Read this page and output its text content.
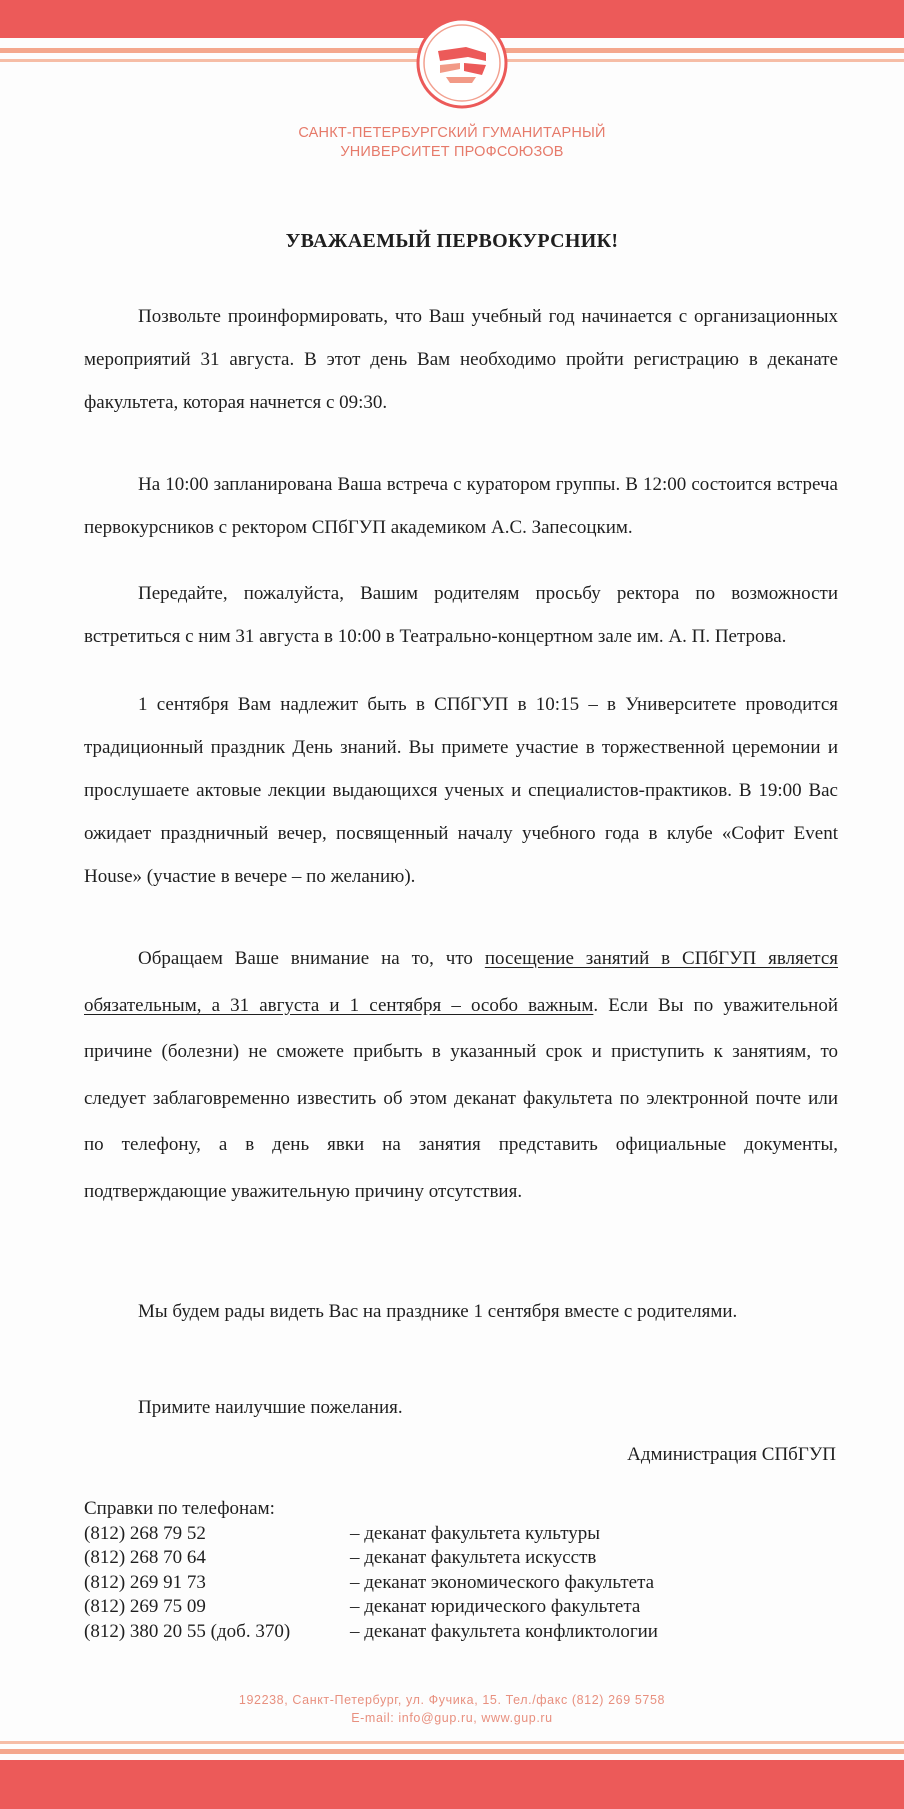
САНКТ-ПЕТЕРБУРГСКИЙ ГУМАНИТАРНЫЙ
УНИВЕРСИТЕТ ПРОФСОЮЗОВ
УВАЖАЕМЫЙ ПЕРВОКУРСНИК!
Позвольте проинформировать, что Ваш учебный год начинается с организационных мероприятий 31 августа. В этот день Вам необходимо пройти регистрацию в деканате факультета, которая начнется с 09:30.
На 10:00 запланирована Ваша встреча с куратором группы. В 12:00 состоится встреча первокурсников с ректором СПбГУП академиком А.С. Запесоцким.
Передайте, пожалуйста, Вашим родителям просьбу ректора по возможности встретиться с ним 31 августа в 10:00 в Театрально-концертном зале им. А. П. Петрова.
1 сентября Вам надлежит быть в СПбГУП в 10:15 – в Университете проводится традиционный праздник День знаний. Вы примете участие в торжественной церемонии и прослушаете актовые лекции выдающихся ученых и специалистов-практиков. В 19:00 Вас ожидает праздничный вечер, посвященный началу учебного года в клубе «Софит Event House» (участие в вечере – по желанию).
Обращаем Ваше внимание на то, что посещение занятий в СПбГУП является обязательным, а 31 августа и 1 сентября – особо важным. Если Вы по уважительной причине (болезни) не сможете прибыть в указанный срок и приступить к занятиям, то следует заблаговременно известить об этом деканат факультета по электронной почте или по телефону, а в день явки на занятия представить официальные документы, подтверждающие уважительную причину отсутствия.
Мы будем рады видеть Вас на празднике 1 сентября вместе с родителями.
Примите наилучшие пожелания.
Администрация СПбГУП
Справки по телефонам:
(812) 268 79 52	– деканат факультета культуры
(812) 268 70 64	– деканат факультета искусств
(812) 269 91 73	– деканат экономического факультета
(812) 269 75 09	– деканат юридического факультета
(812) 380 20 55 (доб. 370)	– деканат факультета конфликтологии
192238, Санкт-Петербург, ул. Фучика, 15. Тел./факс (812) 269 5758
E-mail: info@gup.ru, www.gup.ru
